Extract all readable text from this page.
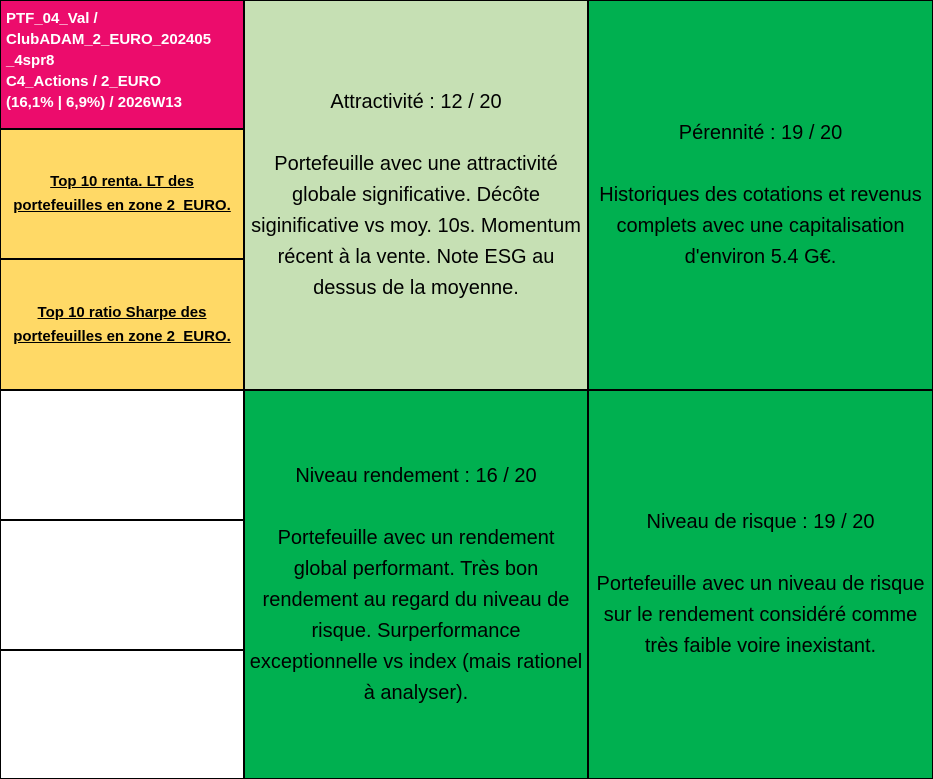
PTF_04_Val /
ClubADAM_2_EURO_202405
_4spr8
C4_Actions / 2_EURO
(16,1% | 6,9%) / 2026W13
Top 10 renta. LT des portefeuilles en zone 2_EURO.
Top 10 ratio Sharpe des portefeuilles en zone 2_EURO.
Attractivité : 12 / 20
Portefeuille avec une attractivité globale significative. Décôte siginificative vs moy. 10s. Momentum récent à la vente. Note ESG au dessus de la moyenne.
Pérennité : 19 / 20
Historiques des cotations et revenus complets avec une capitalisation d'environ 5.4 G€.
Niveau rendement : 16 / 20
Portefeuille avec un rendement global performant. Très bon rendement au regard du niveau de risque. Surperformance exceptionnelle vs index (mais rationel à analyser).
Niveau de risque : 19 / 20
Portefeuille avec un niveau de risque sur le rendement considéré comme très faible voire inexistant.
